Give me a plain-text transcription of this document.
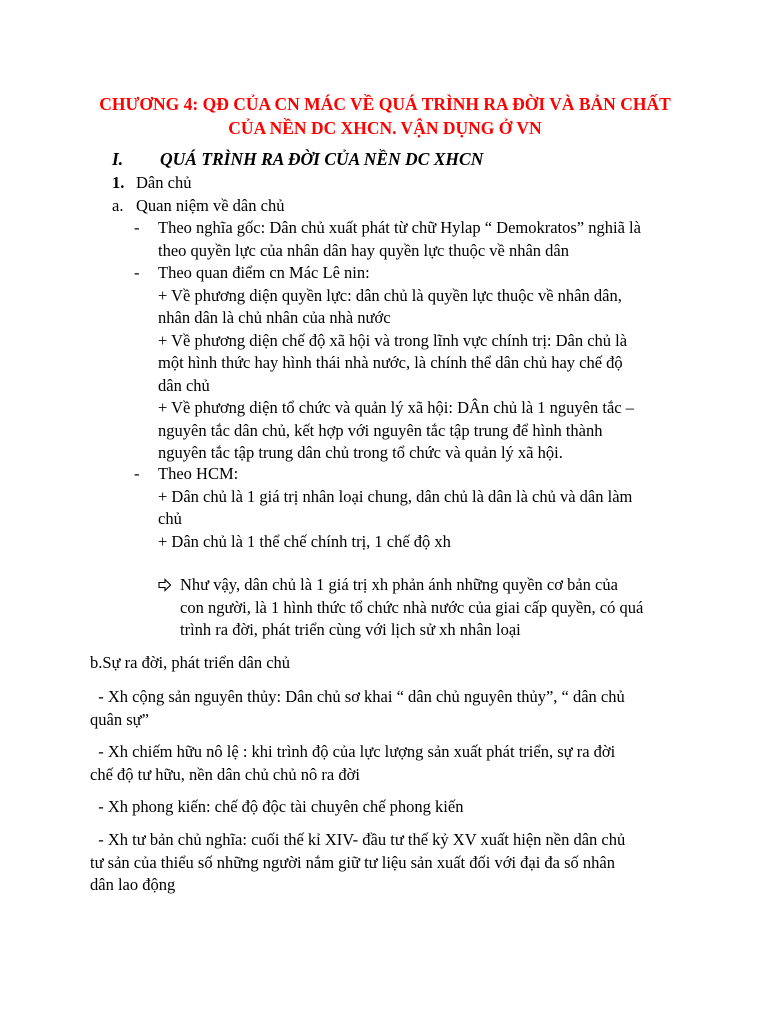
CHƯƠNG 4: QĐ CỦA CN MÁC VỀ QUÁ TRÌNH RA ĐỜI VÀ BẢN CHẤT
CỦA NỀN DC XHCN. VẬN DỤNG Ở VN
I. QUÁ TRÌNH RA ĐỜI CỦA NỀN DC XHCN
1. Dân chủ
a. Quan niệm về dân chủ
- Theo nghĩa gốc: Dân chủ xuất phát từ chữ Hylap “ Demokratos” nghiã là
theo quyền lực của nhân dân hay quyền lực thuộc về nhân dân
- Theo quan điểm cn Mác Lê nin:
+ Về phương diện quyền lực: dân chủ là quyền lực thuộc về nhân dân,
nhân dân là chủ nhân của nhà nước
+ Về phương diện chế độ xã hội và trong lĩnh vực chính trị: Dân chủ là
một hình thức hay hình thái nhà nước, là chính thể dân chủ hay chế độ
dân chủ
+ Về phương diện tổ chức và quản lý xã hội: DÂn chủ là 1 nguyên tắc –
nguyên tắc dân chủ, kết hợp với nguyên tắc tập trung để hình thành
nguyên tắc tập trung dân chủ trong tổ chức và quản lý xã hội.
- Theo HCM:
+ Dân chủ là 1 giá trị nhân loại chung, dân chủ là dân là chủ và dân làm
chủ
+ Dân chủ là 1 thể chế chính trị, 1 chế độ xh
Như vậy, dân chủ là 1 giá trị xh phản ánh những quyền cơ bản của
con người, là 1 hình thức tổ chức nhà nước của giai cấp quyền, có quá
trình ra đời, phát triển cùng với lịch sử xh nhân loại
b.Sự ra đời, phát triển dân chủ
- Xh cộng sản nguyên thủy: Dân chủ sơ khai “ dân chủ nguyên thủy”, “ dân chủ
quân sự”
- Xh chiếm hữu nô lệ : khi trình độ của lực lượng sản xuất phát triển, sự ra đời
chế độ tư hữu, nền dân chủ chủ nô ra đời
- Xh phong kiến: chế độ độc tài chuyên chế phong kiến
- Xh tư bản chủ nghĩa: cuối thế kỉ XIV- đầu tư thế kỷ XV xuất hiện nền dân chủ
tư sản của thiểu số những người nắm giữ tư liệu sản xuất đối với đại đa số nhân
dân lao động
